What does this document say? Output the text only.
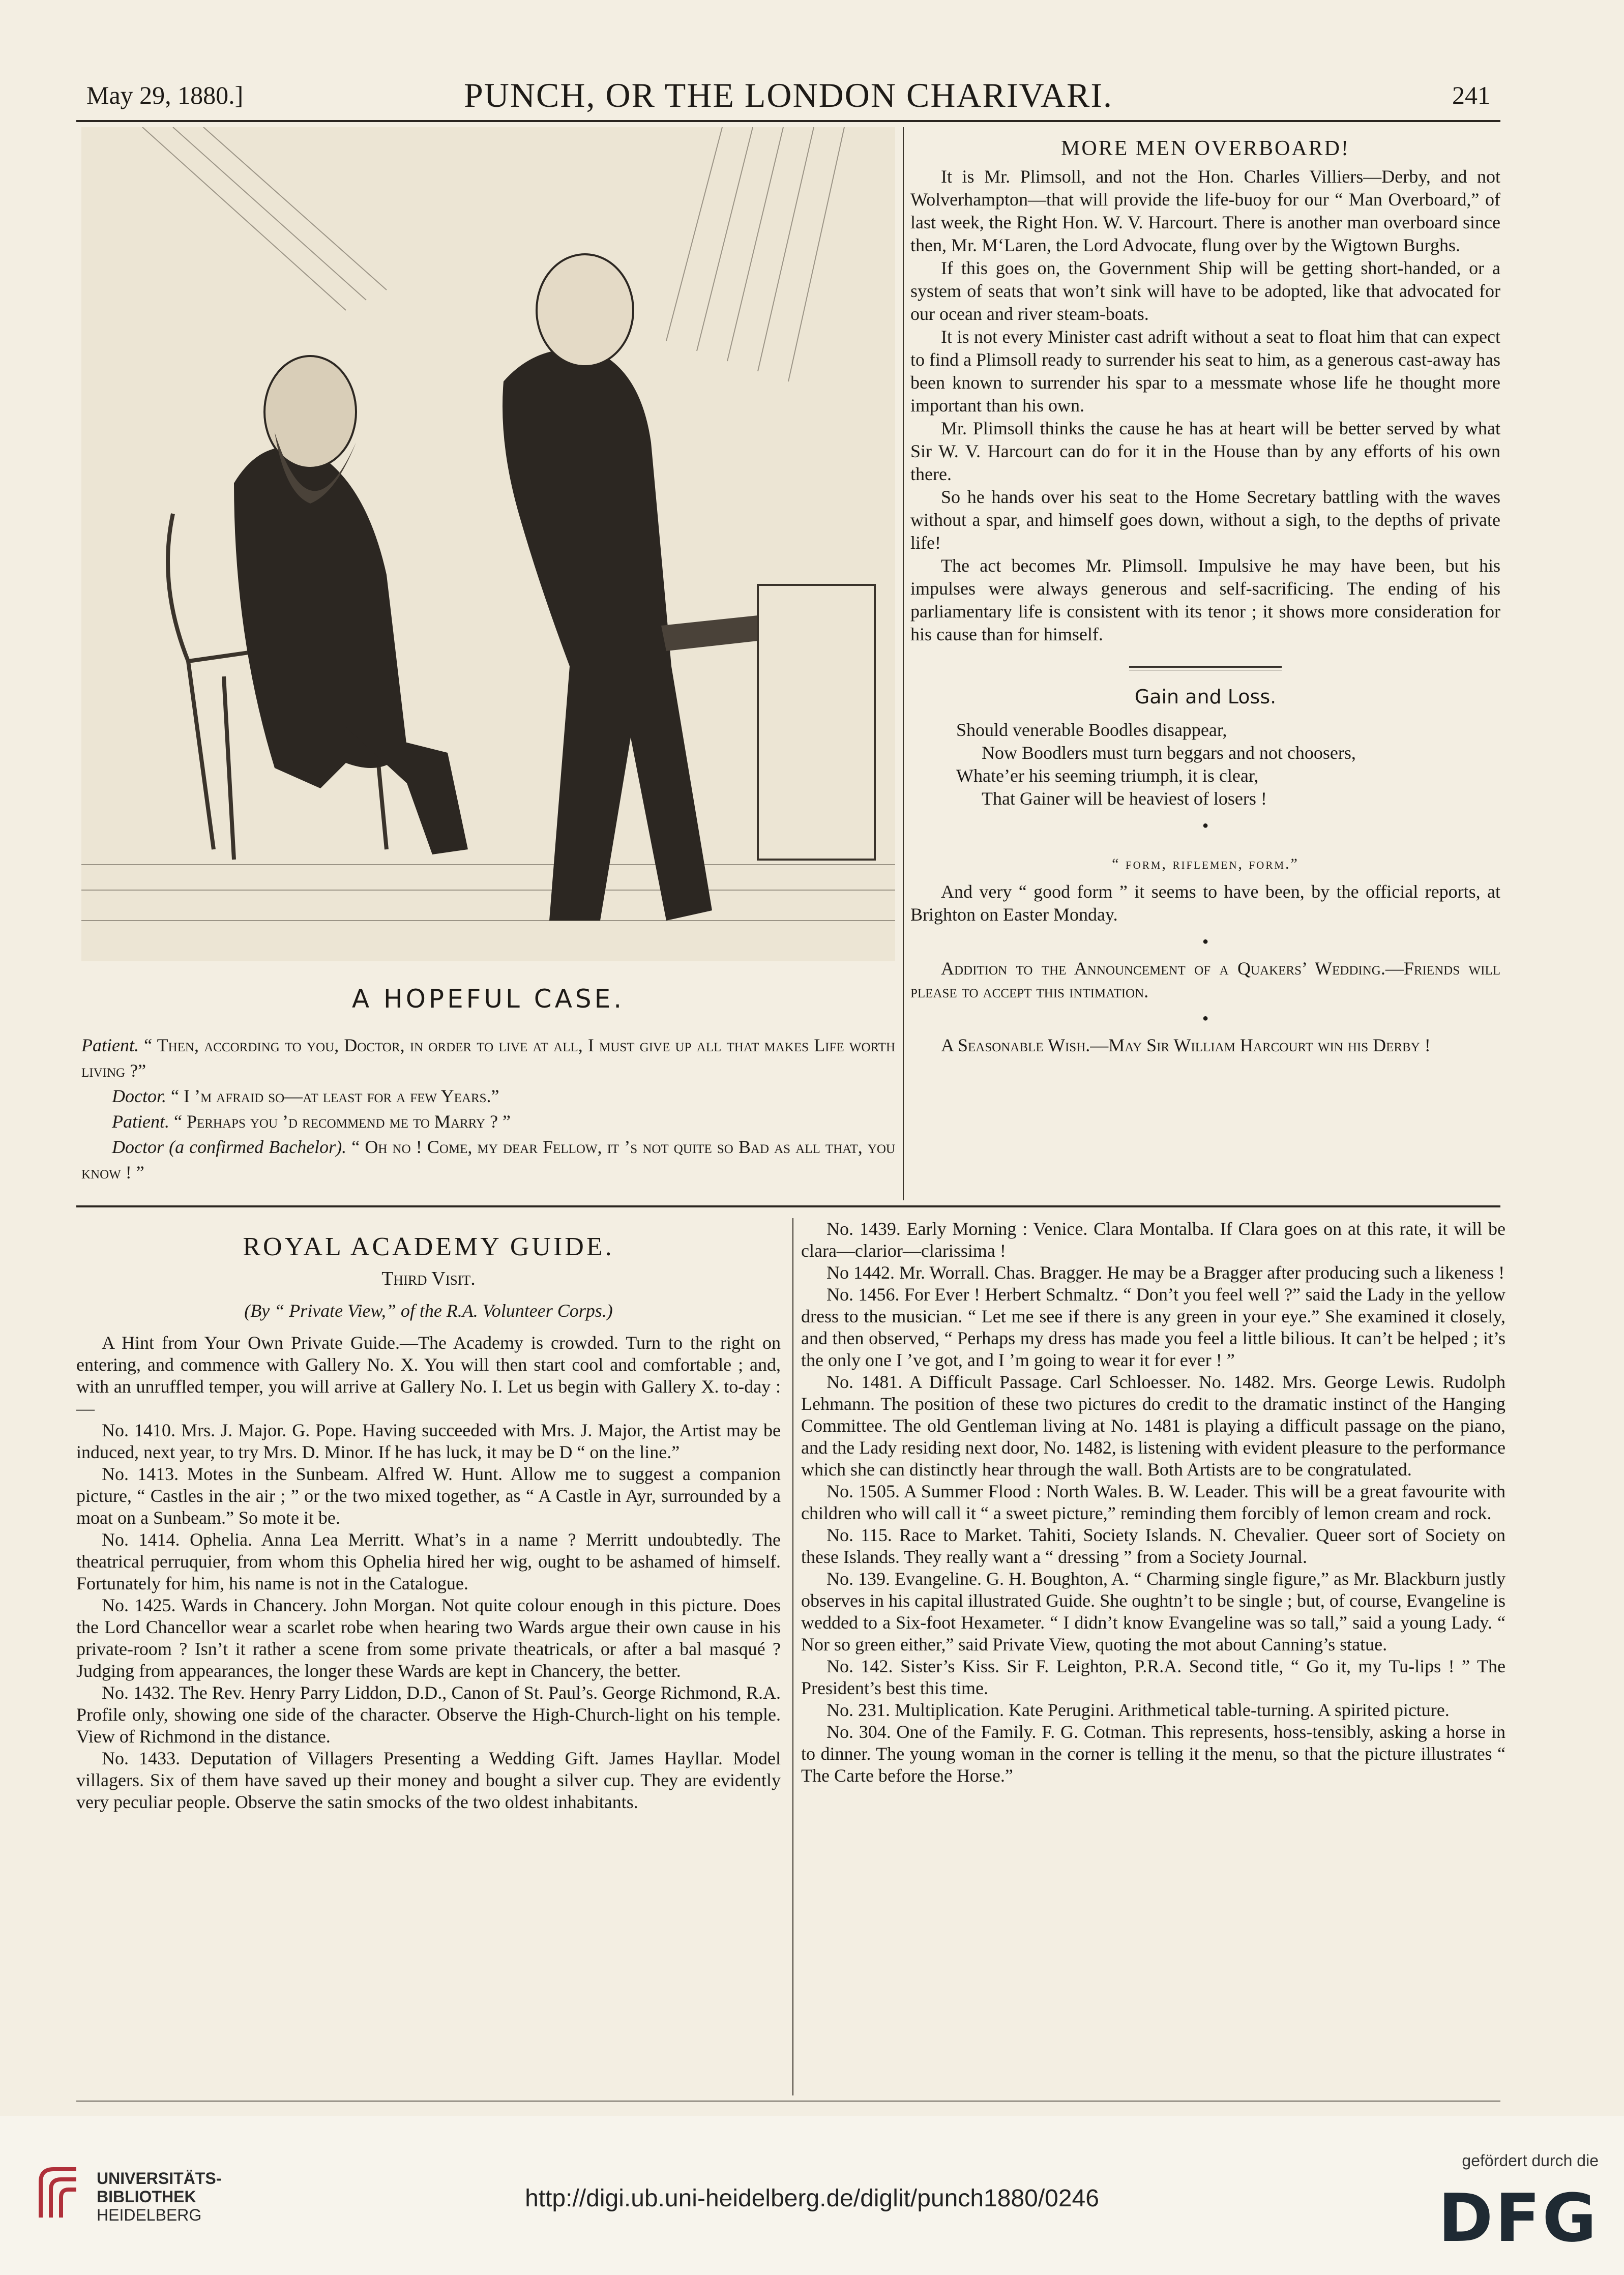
May 29, 1880.]	PUNCH, OR THE LONDON CHARIVARI.	241
A HOPEFUL CASE.

Patient. “ Then, according to you, Doctor, in order to live at all, I must give up all that makes Life worth living ?”

Doctor. “ I ’m afraid so—at least for a few Years.”

Patient. “ Perhaps you ’d recommend me to Marry ? ”

Doctor (a confirmed Bachelor). “ Oh no ! Come, my dear Fellow, it ’s not quite so Bad as all that, you know ! ”

MORE MEN OVERBOARD!

It is Mr. Plimsoll, and not the Hon. Charles Villiers—Derby, and not Wolverhampton—that will provide the life-buoy for our “ Man Overboard,” of last week, the Right Hon. W. V. Harcourt. There is another man overboard since then, Mr. M‘Laren, the Lord Advocate, flung over by the Wigtown Burghs.

If this goes on, the Government Ship will be getting short-handed, or a system of seats that won’t sink will have to be adopted, like that advocated for our ocean and river steam-boats.

It is not every Minister cast adrift without a seat to float him that can expect to find a Plimsoll ready to surrender his seat to him, as a generous cast-away has been known to surrender his spar to a messmate whose life he thought more important than his own.

Mr. Plimsoll thinks the cause he has at heart will be better served by what Sir W. V. Harcourt can do for it in the House than by any efforts of his own there.

So he hands over his seat to the Home Secretary battling with the waves without a spar, and himself goes down, without a sigh, to the depths of private life!

The act becomes Mr. Plimsoll. Impulsive he may have been, but his impulses were always generous and self-sacrificing. The ending of his parliamentary life is consistent with its tenor ; it shows more consideration for his cause than for himself.

Gain and Loss.
Should venerable Boodles disappear,
Now Boodlers must turn beggars and not choosers,
Whate’er his seeming triumph, it is clear,
That Gainer will be heaviest of losers !
●
“ form, riflemen, form.”

And very “ good form ” it seems to have been, by the official reports, at Brighton on Easter Monday.

●

Addition to the Announcement of a Quakers’ Wedding.—Friends will please to accept this intimation.

●

A Seasonable Wish.—May Sir William Harcourt win his Derby !

ROYAL ACADEMY GUIDE.
Third Visit.
(By “ Private View,” of the R.A. Volunteer Corps.)

A Hint from Your Own Private Guide.—The Academy is crowded. Turn to the right on entering, and commence with Gallery No. X. You will then start cool and comfortable ; and, with an unruffled temper, you will arrive at Gallery No. I. Let us begin with Gallery X. to-day :—

No. 1410. Mrs. J. Major. G. Pope. Having succeeded with Mrs. J. Major, the Artist may be induced, next year, to try Mrs. D. Minor. If he has luck, it may be D “ on the line.”

No. 1413. Motes in the Sunbeam. Alfred W. Hunt. Allow me to suggest a companion picture, “ Castles in the air ; ” or the two mixed together, as “ A Castle in Ayr, surrounded by a moat on a Sunbeam.” So mote it be.

No. 1414. Ophelia. Anna Lea Merritt. What’s in a name ? Merritt undoubtedly. The theatrical perruquier, from whom this Ophelia hired her wig, ought to be ashamed of himself. Fortunately for him, his name is not in the Catalogue.

No. 1425. Wards in Chancery. John Morgan. Not quite colour enough in this picture. Does the Lord Chancellor wear a scarlet robe when hearing two Wards argue their own cause in his private-room ? Isn’t it rather a scene from some private theatricals, or after a bal masqué ? Judging from appearances, the longer these Wards are kept in Chancery, the better.

No. 1432. The Rev. Henry Parry Liddon, D.D., Canon of St. Paul’s. George Richmond, R.A. Profile only, showing one side of the character. Observe the High-Church-light on his temple. View of Richmond in the distance.

No. 1433. Deputation of Villagers Presenting a Wedding Gift. James Hayllar. Model villagers. Six of them have saved up their money and bought a silver cup. They are evidently very peculiar people. Observe the satin smocks of the two oldest inhabitants.

No. 1439. Early Morning : Venice. Clara Montalba. If Clara goes on at this rate, it will be clara—clarior—clarissima !

No 1442. Mr. Worrall. Chas. Bragger. He may be a Bragger after producing such a likeness !

No. 1456. For Ever ! Herbert Schmaltz. “ Don’t you feel well ?” said the Lady in the yellow dress to the musician. “ Let me see if there is any green in your eye.” She examined it closely, and then observed, “ Perhaps my dress has made you feel a little bilious. It can’t be helped ; it’s the only one I ’ve got, and I ’m going to wear it for ever ! ”

No. 1481. A Difficult Passage. Carl Schloesser. No. 1482. Mrs. George Lewis. Rudolph Lehmann. The position of these two pictures do credit to the dramatic instinct of the Hanging Committee. The old Gentleman living at No. 1481 is playing a difficult passage on the piano, and the Lady residing next door, No. 1482, is listening with evident pleasure to the performance which she can distinctly hear through the wall. Both Artists are to be congratulated.

No. 1505. A Summer Flood : North Wales. B. W. Leader. This will be a great favourite with children who will call it “ a sweet picture,” reminding them forcibly of lemon cream and rock.

No. 115. Race to Market. Tahiti, Society Islands. N. Chevalier. Queer sort of Society on these Islands. They really want a “ dressing ” from a Society Journal.

No. 139. Evangeline. G. H. Boughton, A. “ Charming single figure,” as Mr. Blackburn justly observes in his capital illustrated Guide. She oughtn’t to be single ; but, of course, Evangeline is wedded to a Six-foot Hexameter. “ I didn’t know Evangeline was so tall,” said a young Lady. “ Nor so green either,” said Private View, quoting the mot about Canning’s statue.

No. 142. Sister’s Kiss. Sir F. Leighton, P.R.A. Second title, “ Go it, my Tu-lips ! ” The President’s best this time.

No. 231. Multiplication. Kate Perugini. Arithmetical table-turning. A spirited picture.

No. 304. One of the Family. F. G. Cotman. This represents, hoss-tensibly, asking a horse in to dinner. The young woman in the corner is telling it the menu, so that the picture illustrates “ The Carte before the Horse.”

UNIVERSITÄTS-
BIBLIOTHEK
HEIDELBERG
http://digi.ub.uni-heidelberg.de/diglit/punch1880/0246
gefördert durch die
DFG
